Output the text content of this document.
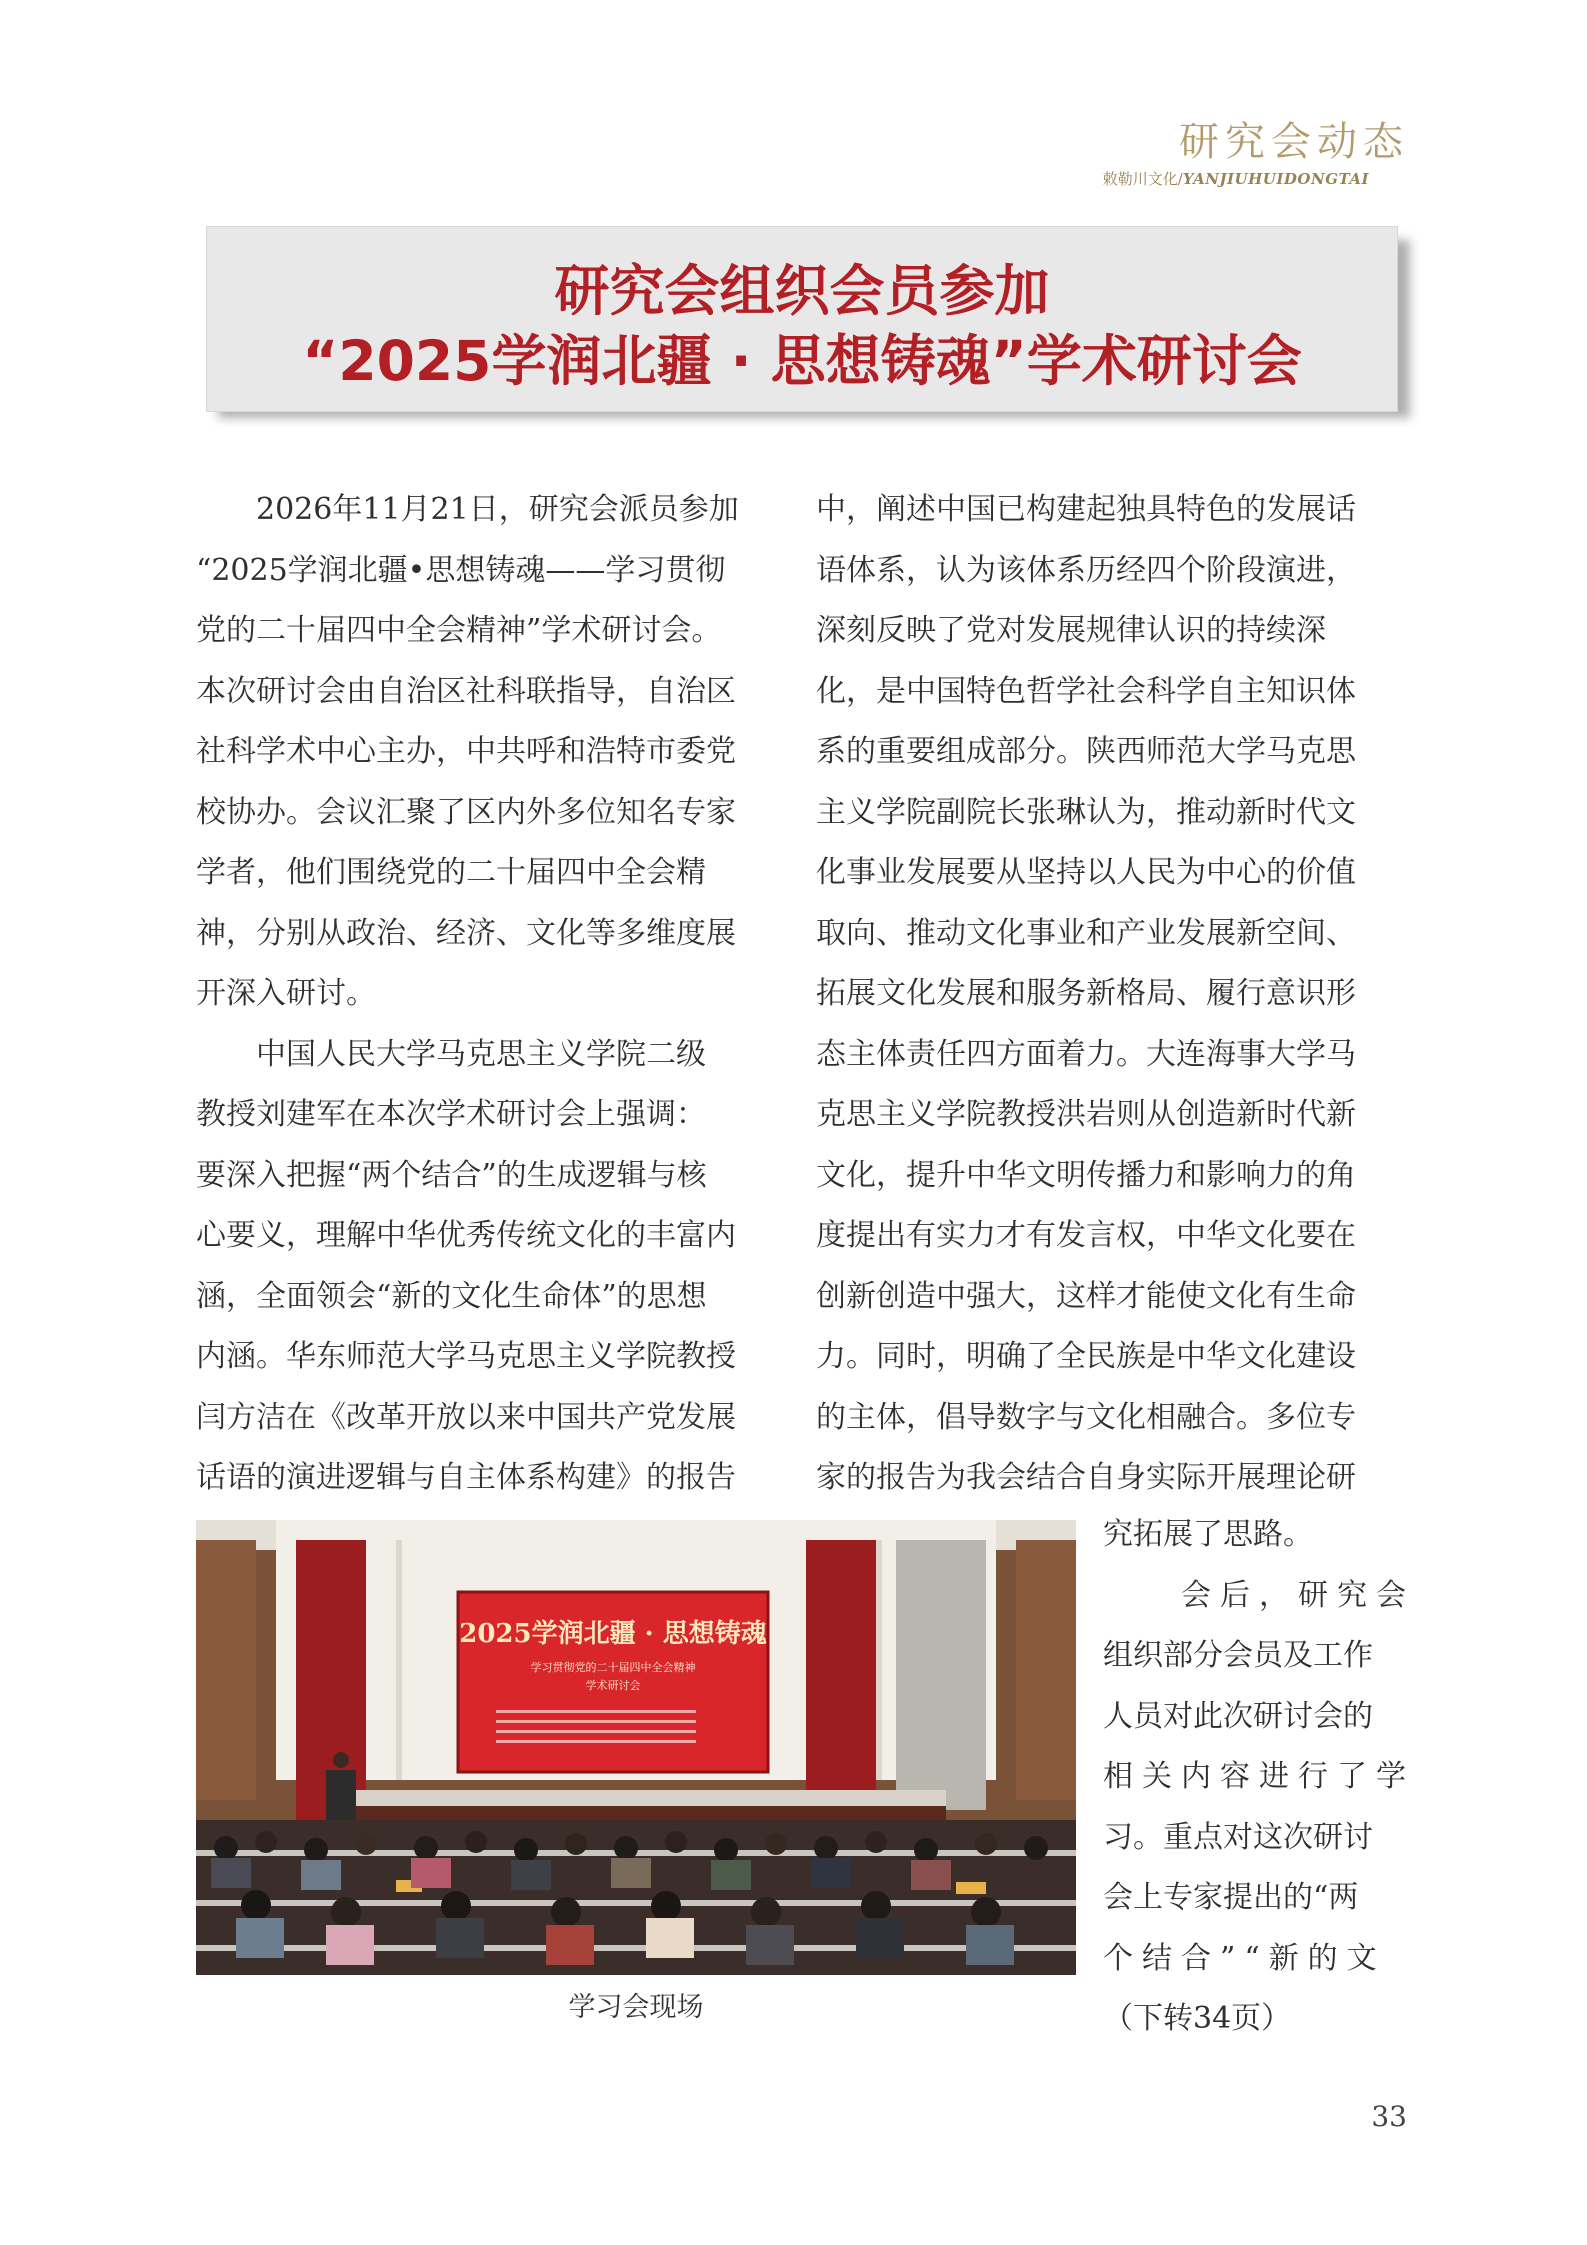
研究会动态
敕勒川文化/YANJIUHUIDONGTAI
研究会组织会员参加
“2025学润北疆 · 思想铸魂”学术研讨会

　　2026年11月21日，研究会派员参加

“2025学润北疆•思想铸魂——学习贯彻

党的二十届四中全会精神”学术研讨会。

本次研讨会由自治区社科联指导，自治区

社科学术中心主办，中共呼和浩特市委党

校协办。会议汇聚了区内外多位知名专家

学者，他们围绕党的二十届四中全会精

神，分别从政治、经济、文化等多维度展

开深入研讨。

　　中国人民大学马克思主义学院二级

教授刘建军在本次学术研讨会上强调：

要深入把握“两个结合”的生成逻辑与核

心要义，理解中华优秀传统文化的丰富内

涵，全面领会“新的文化生命体”的思想

内涵。华东师范大学马克思主义学院教授

闫方洁在《改革开放以来中国共产党发展

话语的演进逻辑与自主体系构建》的报告

中，阐述中国已构建起独具特色的发展话

语体系，认为该体系历经四个阶段演进，

深刻反映了党对发展规律认识的持续深

化，是中国特色哲学社会科学自主知识体

系的重要组成部分。陕西师范大学马克思

主义学院副院长张琳认为，推动新时代文

化事业发展要从坚持以人民为中心的价值

取向、推动文化事业和产业发展新空间、

拓展文化发展和服务新格局、履行意识形

态主体责任四方面着力。大连海事大学马

克思主义学院教授洪岩则从创造新时代新

文化，提升中华文明传播力和影响力的角

度提出有实力才有发言权，中华文化要在

创新创造中强大，这样才能使文化有生命

力。同时，明确了全民族是中华文化建设

的主体，倡导数字与文化相融合。多位专

家的报告为我会结合自身实际开展理论研

究拓展了思路。

　　会后，研究会

组织部分会员及工作

人员对此次研讨会的

相关内容进行了学

习。重点对这次研讨

会上专家提出的“两

个结合”“新的文

（下转34页）

2025学润北疆 · 思想铸魂
学习贯彻党的二十届四中全会精神
学术研讨会
学习会现场
33
